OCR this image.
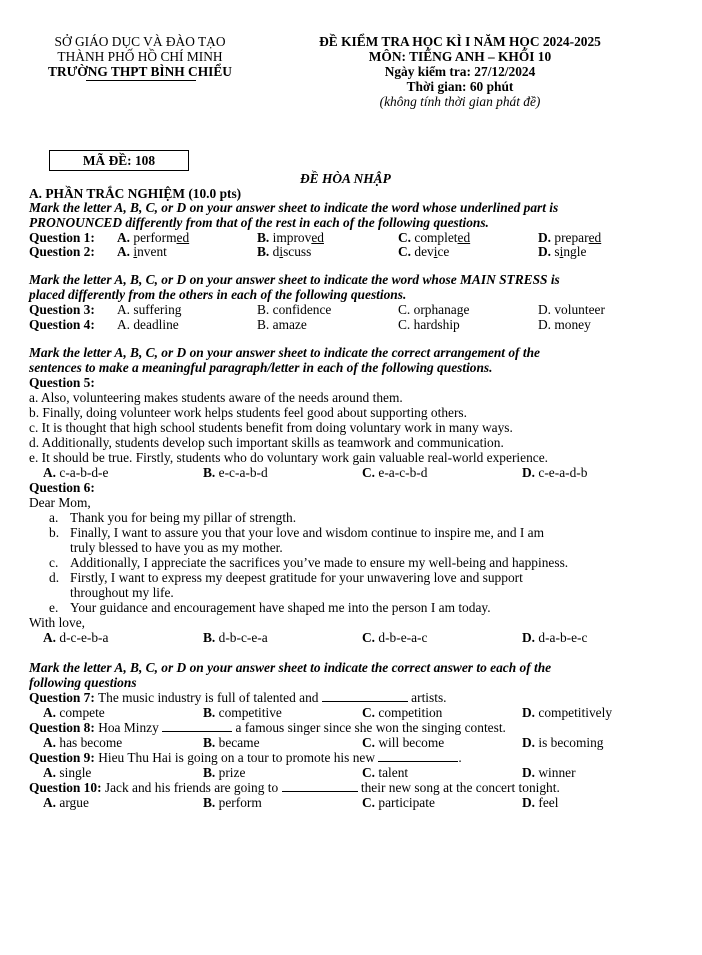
SỞ GIÁO DỤC VÀ ĐÀO TẠO
THÀNH PHỐ HỒ CHÍ MINH
TRƯỜNG THPT BÌNH CHIỂU
ĐỀ KIỂM TRA HỌC KÌ I NĂM HỌC 2024-2025
MÔN: TIẾNG ANH – KHỐI 10
Ngày kiểm tra: 27/12/2024
Thời gian: 60 phút
(không tính thời gian phát đề)
MÃ ĐỀ: 108
ĐỀ HÒA NHẬP
A. PHẦN TRẮC NGHIỆM (10.0 pts)
Mark the letter A, B, C, or D on your answer sheet to indicate the word whose underlined part is
PRONOUNCED differently from that of the rest in each of the following questions.
Question 1: A. performed	B. improved	C. completed	D. prepared
Question 2: A. invent	B. discuss	C. device	D. single
Mark the letter A, B, C, or D on your answer sheet to indicate the word whose MAIN STRESS is
placed differently from the others in each of the following questions.
Question 3: A. suffering	B. confidence	C. orphanage	D. volunteer
Question 4: A. deadline	B. amaze	C. hardship	D. money
Mark the letter A, B, C, or D on your answer sheet to indicate the correct arrangement of the
sentences to make a meaningful paragraph/letter in each of the following questions.
Question 5:
a. Also, volunteering makes students aware of the needs around them.
b. Finally, doing volunteer work helps students feel good about supporting others.
c. It is thought that high school students benefit from doing voluntary work in many ways.
d. Additionally, students develop such important skills as teamwork and communication.
e. It should be true. Firstly, students who do voluntary work gain valuable real-world experience.
A. c-a-b-d-e	B. e-c-a-b-d	C. e-a-c-b-d	D. c-e-a-d-b
Question 6:
Dear Mom,
a. Thank you for being my pillar of strength.
b. Finally, I want to assure you that your love and wisdom continue to inspire me, and I am
truly blessed to have you as my mother.
c. Additionally, I appreciate the sacrifices you’ve made to ensure my well-being and happiness.
d. Firstly, I want to express my deepest gratitude for your unwavering love and support
throughout my life.
e. Your guidance and encouragement have shaped me into the person I am today.
With love,
A. d-c-e-b-a	B. d-b-c-e-a	C. d-b-e-a-c	D. d-a-b-e-c
Mark the letter A, B, C, or D on your answer sheet to indicate the correct answer to each of the
following questions
Question 7: The music industry is full of talented and	artists.
A. compete	B. competitive	C. competition	D. competitively
Question 8: Hoa Minzy	a famous singer since she won the singing contest.
A. has become	B. became	C. will become	D. is becoming
Question 9: Hieu Thu Hai is going on a tour to promote his new	.
A. single	B. prize	C. talent	D. winner
Question 10: Jack and his friends are going to	their new song at the concert tonight.
A. argue	B. perform	C. participate	D. feel
